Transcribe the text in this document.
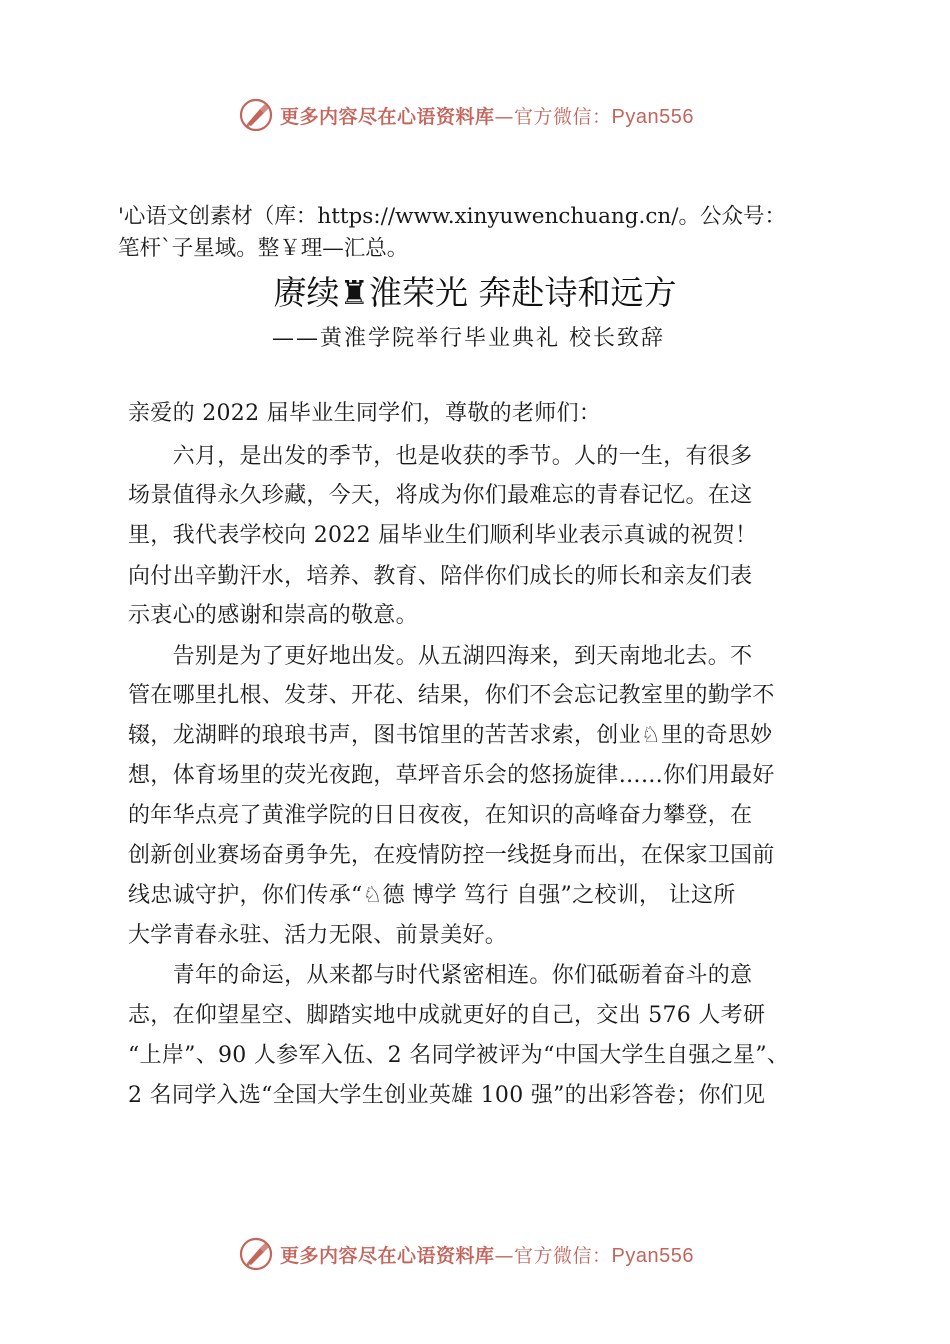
更多内容尽在心语资料库—官方微信：Pyan556
'心语文创素材（库：https://www.xinyuwenchuang.cn/。公众号：
笔杆`子星域。整￥理—汇总。
赓续♜淮荣光 奔赴诗和远方
——黄淮学院举行毕业典礼 校长致辞
亲爱的 2022 届毕业生同学们，尊敬的老师们：
　　六月，是出发的季节，也是收获的季节。人的一生，有很多
场景值得永久珍藏，今天，将成为你们最难忘的青春记忆。在这
里，我代表学校向 2022 届毕业生们顺利毕业表示真诚的祝贺！
向付出辛勤汗水，培养、教育、陪伴你们成长的师长和亲友们表
示衷心的感谢和崇高的敬意。
　　告别是为了更好地出发。从五湖四海来，到天南地北去。不
管在哪里扎根、发芽、开花、结果，你们不会忘记教室里的勤学不
辍，龙湖畔的琅琅书声，图书馆里的苦苦求索，创业♘里的奇思妙
想，体育场里的荧光夜跑，草坪音乐会的悠扬旋律……你们用最好
的年华点亮了黄淮学院的日日夜夜，在知识的高峰奋力攀登，在
创新创业赛场奋勇争先，在疫情防控一线挺身而出，在保家卫国前
线忠诚守护，你们传承“♘德 博学 笃行 自强”之校训， 让这所
大学青春永驻、活力无限、前景美好。
　　青年的命运，从来都与时代紧密相连。你们砥砺着奋斗的意
志，在仰望星空、脚踏实地中成就更好的自己，交出 576 人考研
“上岸”、90 人参军入伍、2 名同学被评为“中国大学生自强之星”、
2 名同学入选“全国大学生创业英雄 100 强”的出彩答卷；你们见
更多内容尽在心语资料库—官方微信：Pyan556
